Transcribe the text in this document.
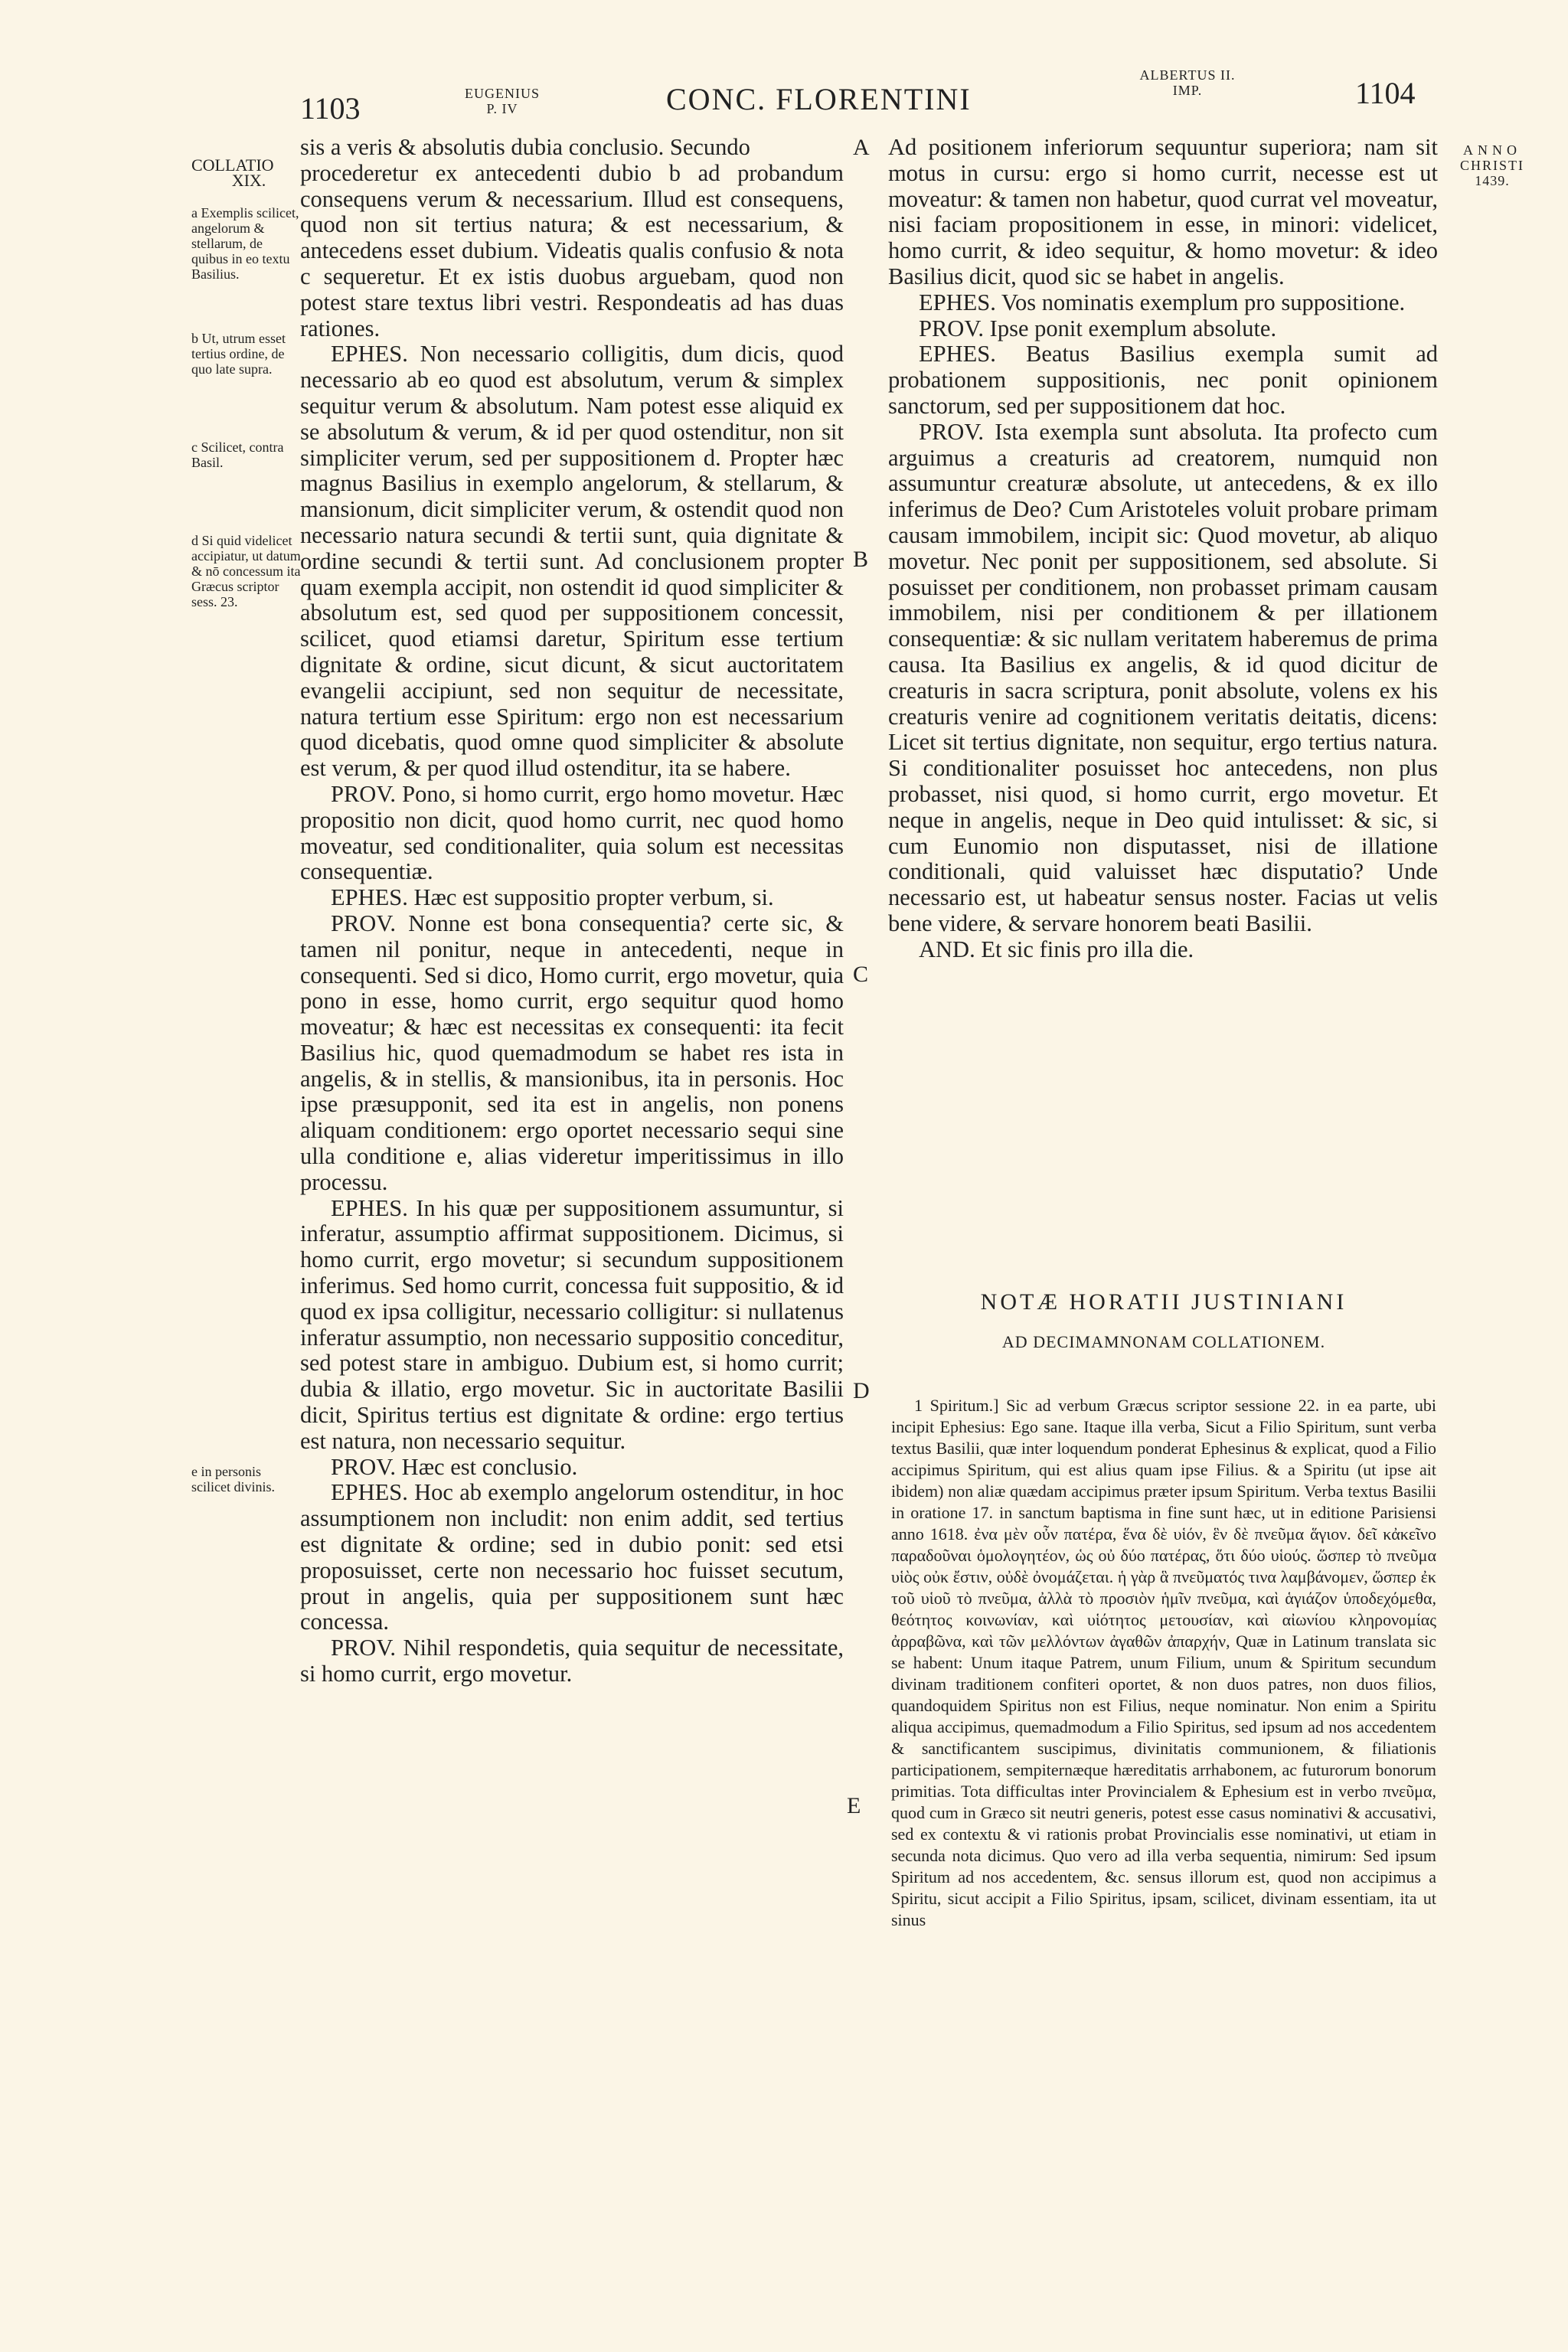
1103	EUGENIUS
P. IV	CONC. FLORENTINI
ALBERTUS II.
IMP.	1104
ANNO
CHRISTI
1439.
COLLATIO
XIX.
a Exemplis scilicet, angelorum & stellarum, de quibus in eo textu Basilius.
b Ut, utrum esset tertius ordine, de quo late supra.
c Scilicet, contra Basil.
d Si quid videlicet accipiatur, ut datum & nō concessum ita Græcus scriptor sess. 23.
e in personis scilicet divinis.
A
B
C
D
E

sis a veris & absolutis dubia conclusio. Secundo

procederetur ex antecedenti dubio b ad probandum consequens verum & necessarium. Illud est consequens, quod non sit tertius natura; & est necessarium, & antecedens esset dubium. Videatis qualis confusio & nota c sequeretur. Et ex istis duobus arguebam, quod non potest stare textus libri vestri. Respondeatis ad has duas rationes.

EPHES. Non necessario colligitis, dum dicis, quod necessario ab eo quod est absolutum, verum & simplex sequitur verum & absolutum. Nam potest esse aliquid ex se absolutum & verum, & id per quod ostenditur, non sit simpliciter verum, sed per suppositionem d. Propter hæc magnus Basilius in exemplo angelorum, & stellarum, & mansionum, dicit simpliciter verum, & ostendit quod non necessario natura secundi & tertii sunt, quia dignitate & ordine secundi & tertii sunt. Ad conclusionem propter quam exempla accipit, non ostendit id quod simpliciter & absolutum est, sed quod per suppositionem concessit, scilicet, quod etiamsi daretur, Spiritum esse tertium dignitate & ordine, sicut dicunt, & sicut auctoritatem evangelii accipiunt, sed non sequitur de necessitate, natura tertium esse Spiritum: ergo non est necessarium quod dicebatis, quod omne quod simpliciter & absolute est verum, & per quod illud ostenditur, ita se habere.

PROV. Pono, si homo currit, ergo homo movetur. Hæc propositio non dicit, quod homo currit, nec quod homo moveatur, sed conditionaliter, quia solum est necessitas consequentiæ.

EPHES. Hæc est suppositio propter verbum, si.

PROV. Nonne est bona consequentia? certe sic, & tamen nil ponitur, neque in antecedenti, neque in consequenti. Sed si dico, Homo currit, ergo movetur, quia pono in esse, homo currit, ergo sequitur quod homo moveatur; & hæc est necessitas ex consequenti: ita fecit Basilius hic, quod quemadmodum se habet res ista in angelis, & in stellis, & mansionibus, ita in personis. Hoc ipse præsupponit, sed ita est in angelis, non ponens aliquam conditionem: ergo oportet necessario sequi sine ulla conditione e, alias videretur imperitissimus in illo processu.

EPHES. In his quæ per suppositionem assumuntur, si inferatur, assumptio affirmat suppositionem. Dicimus, si homo currit, ergo movetur; si secundum suppositionem inferimus. Sed homo currit, concessa fuit suppositio, & id quod ex ipsa colligitur, necessario colligitur: si nullatenus inferatur assumptio, non necessario suppositio conceditur, sed potest stare in ambiguo. Dubium est, si homo currit; dubia & illatio, ergo movetur. Sic in auctoritate Basilii dicit, Spiritus tertius est dignitate & ordine: ergo tertius est natura, non necessario sequitur.

PROV. Hæc est conclusio.

EPHES. Hoc ab exemplo angelorum ostenditur, in hoc assumptionem non includit: non enim addit, sed tertius est dignitate & ordine; sed in dubio ponit: sed etsi proposuisset, certe non necessario hoc fuisset secutum, prout in angelis, quia per suppositionem sunt hæc concessa.

PROV. Nihil respondetis, quia sequitur de necessitate, si homo currit, ergo movetur.

Ad positionem inferiorum sequuntur superiora; nam sit motus in cursu: ergo si homo currit, necesse est ut moveatur: & tamen non habetur, quod currat vel moveatur, nisi faciam propositionem in esse, in minori: videlicet, homo currit, & ideo sequitur, & homo movetur: & ideo Basilius dicit, quod sic se habet in angelis.

EPHES. Vos nominatis exemplum pro suppositione.

PROV. Ipse ponit exemplum absolute.

EPHES. Beatus Basilius exempla sumit ad probationem suppositionis, nec ponit opinionem sanctorum, sed per suppositionem dat hoc.

PROV. Ista exempla sunt absoluta. Ita profecto cum arguimus a creaturis ad creatorem, numquid non assumuntur creaturæ absolute, ut antecedens, & ex illo inferimus de Deo? Cum Aristoteles voluit probare primam causam immobilem, incipit sic: Quod movetur, ab aliquo movetur. Nec ponit per suppositionem, sed absolute. Si posuisset per conditionem, non probasset primam causam immobilem, nisi per conditionem & per illationem consequentiæ: & sic nullam veritatem haberemus de prima causa. Ita Basilius ex angelis, & id quod dicitur de creaturis in sacra scriptura, ponit absolute, volens ex his creaturis venire ad cognitionem veritatis deitatis, dicens: Licet sit tertius dignitate, non sequitur, ergo tertius natura. Si conditionaliter posuisset hoc antecedens, non plus probasset, nisi quod, si homo currit, ergo movetur. Et neque in angelis, neque in Deo quid intulisset: & sic, si cum Eunomio non disputasset, nisi de illatione conditionali, quid valuisset hæc disputatio? Unde necessario est, ut habeatur sensus noster. Facias ut velis bene videre, & servare honorem beati Basilii.

AND. Et sic finis pro illa die.

NOTÆ HORATII JUSTINIANI
AD DECIMAMNONAM COLLATIONEM.

1 Spiritum.] Sic ad verbum Græcus scriptor sessione 22. in ea parte, ubi incipit Ephesius: Ego sane. Itaque illa verba, Sicut a Filio Spiritum, sunt verba textus Basilii, quæ inter loquendum ponderat Ephesinus & explicat, quod a Filio accipimus Spiritum, qui est alius quam ipse Filius. & a Spiritu (ut ipse ait ibidem) non aliæ quædam accipimus præter ipsum Spiritum. Verba textus Basilii in oratione 17. in sanctum baptisma in fine sunt hæc, ut in editione Parisiensi anno 1618. ἐνα μὲν οὖν πατέρα, ἕνα δὲ υἱόν, ἓν δὲ πνεῦμα ἅγιον. δεῖ κἀκεῖνο παραδοῦναι ὁμολογητέον, ὡς οὐ δύο πατέρας, ὅτι δύο υἱούς. ὥσπερ τὸ πνεῦμα υἱὸς οὐκ ἔστιν, οὐδὲ ὀνομάζεται. ἡ γὰρ ἃ πνεῦματός τινα λαμβάνομεν, ὥσπερ ἐκ τοῦ υἱοῦ τὸ πνεῦμα, ἀλλὰ τὸ προσιὸν ἡμῖν πνεῦμα, καὶ ἁγιάζον ὑποδεχόμεθα, θεότητος κοινωνίαν, καὶ υἱότητος μετουσίαν, καὶ αἰωνίου κληρονομίας ἀρραβῶνα, καὶ τῶν μελλόντων ἀγαθῶν ἀπαρχήν, Quæ in Latinum translata sic se habent: Unum itaque Patrem, unum Filium, unum & Spiritum secundum divinam traditionem confiteri oportet, & non duos patres, non duos filios, quandoquidem Spiritus non est Filius, neque nominatur. Non enim a Spiritu aliqua accipimus, quemadmodum a Filio Spiritus, sed ipsum ad nos accedentem & sanctificantem suscipimus, divinitatis communionem, & filiationis participationem, sempiternæque hæreditatis arrhabonem, ac futurorum bonorum primitias. Tota difficultas inter Provincialem & Ephesium est in verbo πνεῦμα, quod cum in Græco sit neutri generis, potest esse casus nominativi & accusativi, sed ex contextu & vi rationis probat Provincialis esse nominativi, ut etiam in secunda nota dicimus. Quo vero ad illa verba sequentia, nimirum: Sed ipsum Spiritum ad nos accedentem, &c. sensus illorum est, quod non accipimus a Spiritu, sicut accipit a Filio Spiritus, ipsam, scilicet, divinam essentiam, ita ut sinus
